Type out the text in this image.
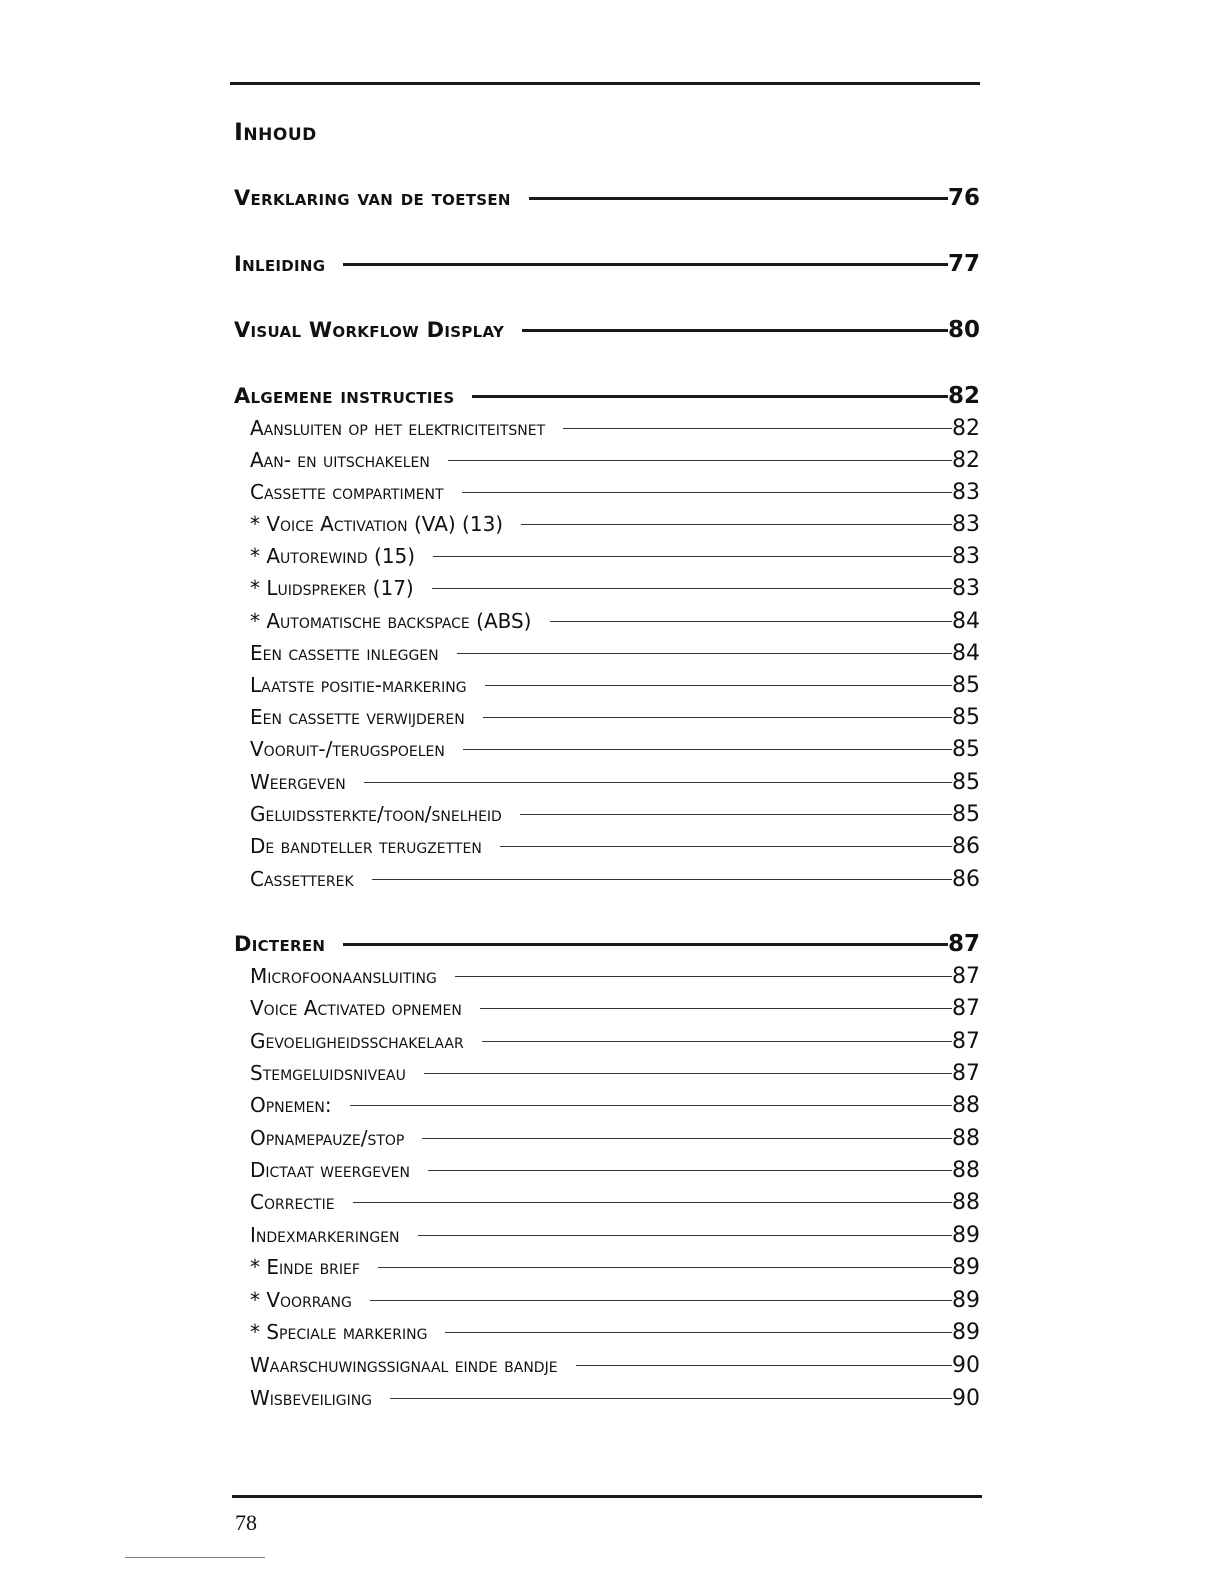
Inhoud
Verklaring van de toetsen	76
Inleiding	77
Visual Workflow Display	80
Algemene instructies	82
Aansluiten op het elektriciteitsnet	82
Aan- en uitschakelen	82
Cassette compartiment	83
* Voice Activation (VA) (13)	83
* Autorewind (15)	83
* Luidspreker (17)	83
* Automatische backspace (ABS)	84
Een cassette inleggen	84
Laatste positie-markering	85
Een cassette verwijderen	85
Vooruit-/terugspoelen	85
Weergeven	85
Geluidssterkte/toon/snelheid	85
De bandteller terugzetten	86
Cassetterek	86
Dicteren	87
Microfoonaansluiting	87
Voice Activated opnemen	87
Gevoeligheidsschakelaar	87
Stemgeluidsniveau	87
Opnemen:	88
Opnamepauze/stop	88
Dictaat weergeven	88
Correctie	88
Indexmarkeringen	89
* Einde brief	89
* Voorrang	89
* Speciale markering	89
Waarschuwingssignaal einde bandje	90
Wisbeveiliging	90
78
